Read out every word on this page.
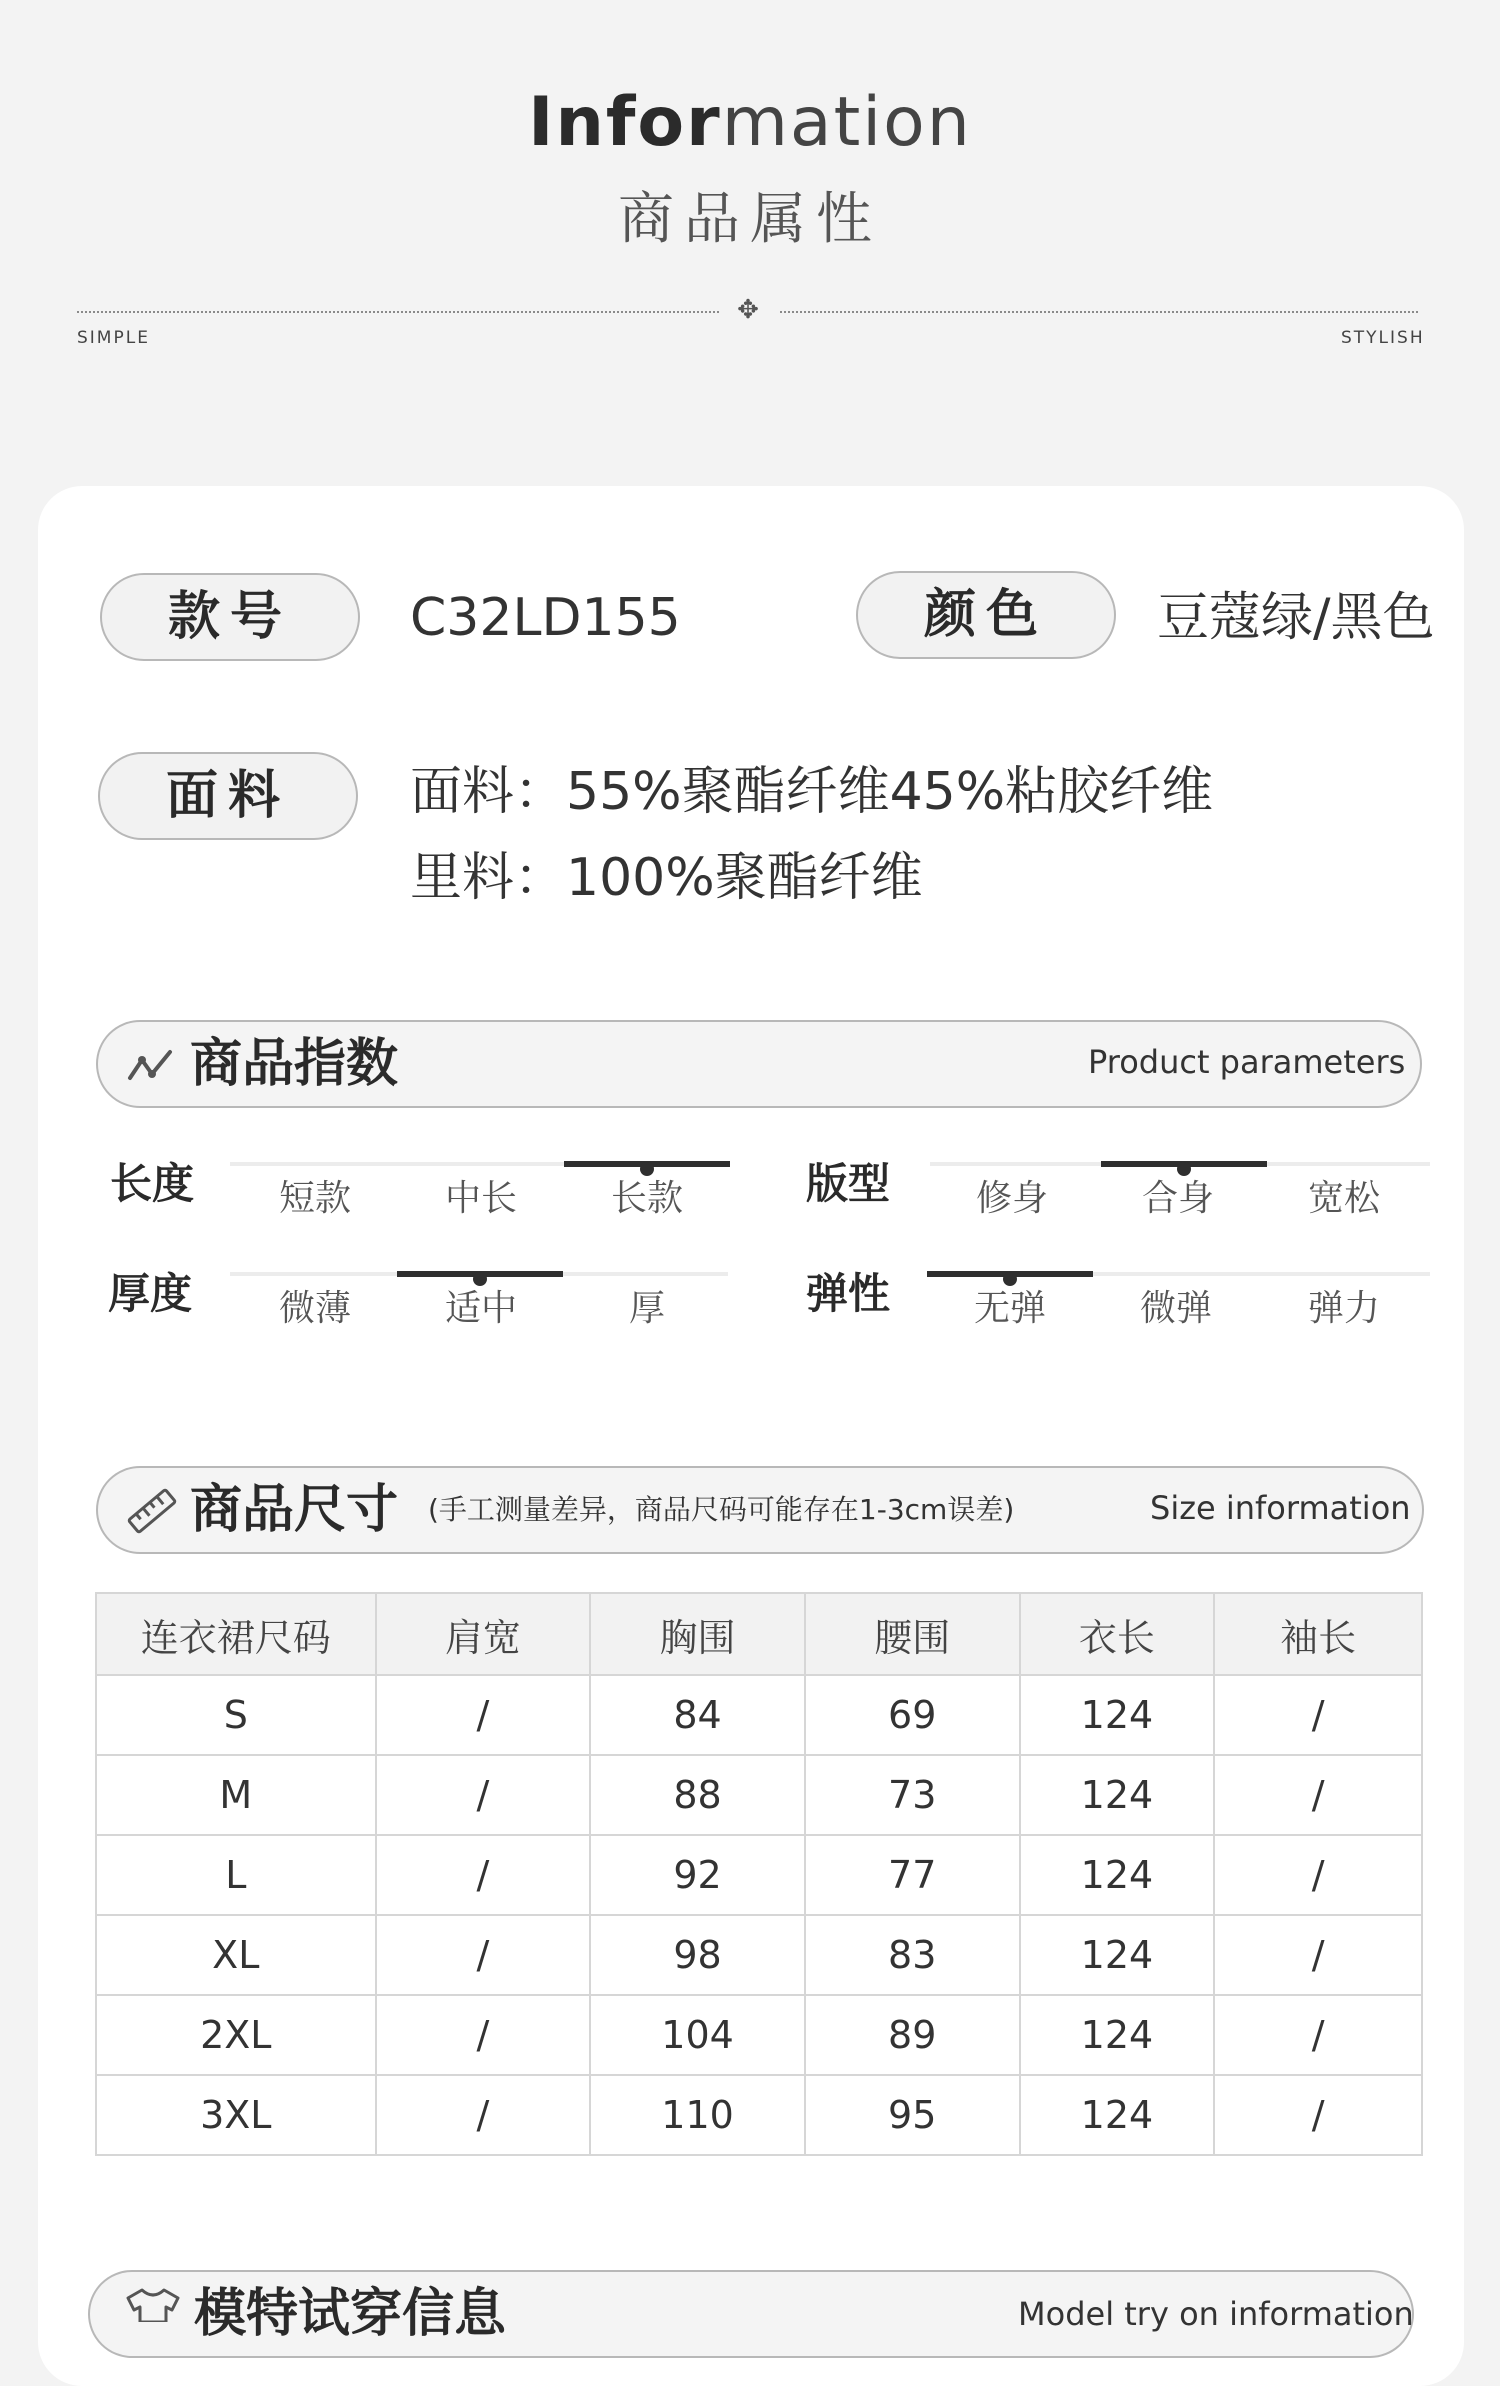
Information
商品属性
✥
SIMPLE	STYLISH
款号	C32LD155	颜色	豆蔻绿/黑色
面料	面料：55%聚酯纤维45%粘胶纤维
里料：100%聚酯纤维
商品指数	Product parameters
长度	短款	中长	长款	版型	修身	合身	宽松
厚度	微薄	适中	厚	弹性	无弹	微弹	弹力
商品尺寸 (手工测量差异，商品尺码可能存在1-3cm误差)	Size information
连衣裙尺码	肩宽	胸围	腰围	衣长	袖长
S	/	84	69	124	/
M	/	88	73	124	/
L	/	92	77	124	/
XL	/	98	83	124	/
2XL	/	104	89	124	/
3XL	/	110	95	124	/
模特试穿信息	Model try on information
